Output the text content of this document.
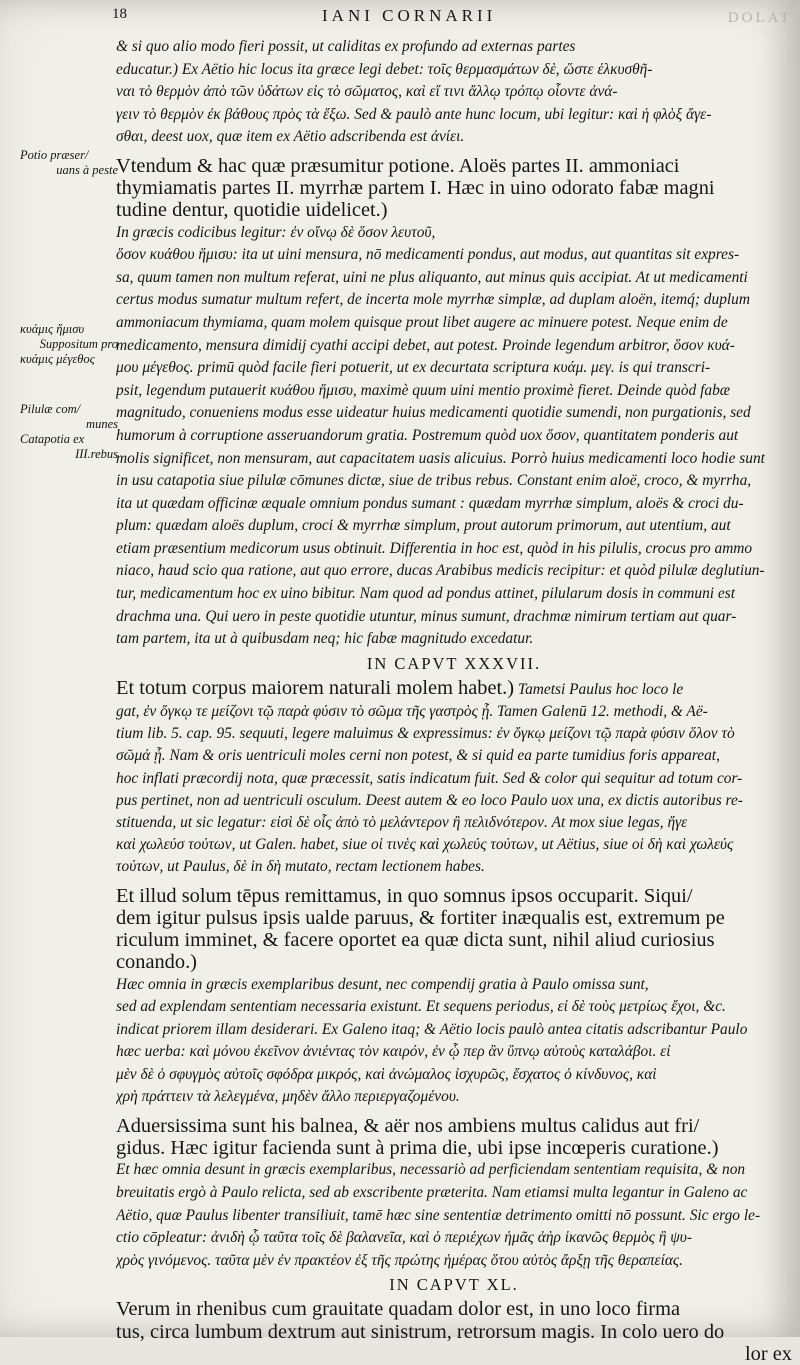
18	IANI CORNARII	DOLAT
Potio præser/
uans à peste
κυάμις ἥμισυ
Suppositum pro
κυάμις μέγεθος
Pilulæ com/
munes
Catapotia ex
III.rebus
& si quo alio modo fieri possit, ut caliditas ex profundo ad externas partes
educatur.) Ex Aëtio hic locus ita græce legi debet: τοῖς θερμασμάτων δὲ, ὥστε ἑλκυσθῆ-
ναι τὸ θερμὸν ἀπὸ τῶν ὑδάτων εἰς τὸ σῶματος, καὶ εἴ τινι ἄλλῳ τρόπῳ οἷοντε ἀνά-
γειν τὸ θερμὸν ἐκ βάθους πρὸς τὰ ἔξω. Sed & paulò ante hunc locum, ubi legitur: καὶ ἡ φλὸξ ἄγε-
σθαι, deest uox, quæ item ex Aëtio adscribenda est ἀνίει.
Vtendum & hac quæ præsumitur potione. Aloës partes II. ammoniaci
thymiamatis partes II. myrrhæ partem I. Hæc in uino odorato fabæ magni
tudine dentur, quotidie uidelicet.)
In græcis codicibus legitur: ἐν οἴνῳ δὲ ὅσον λευτοῦ,
ὅσον κυάθου ἥμισυ: ita ut uini mensura, nō medicamenti pondus, aut modus, aut quantitas sit expres-
sa, quum tamen non multum referat, uini ne plus aliquanto, aut minus quis accipiat. At ut medicamenti
certus modus sumatur multum refert, de incerta mole myrrhæ simplæ, ad duplam aloën, itemq́; duplum
ammoniacum thymiama, quam molem quisque prout libet augere ac minuere potest. Neque enim de
medicamento, mensura dimidij cyathi accipi debet, aut potest. Proinde legendum arbitror, ὅσον κυά-
μου μέγεθος. primū quòd facile fieri potuerit, ut ex decurtata scriptura κυάμ. μεγ. is qui transcri-
psit, legendum putauerit κυάθου ἥμισυ, maximè quum uini mentio proximè fieret. Deinde quòd fabæ
magnitudo, conueniens modus esse uideatur huius medicamenti quotidie sumendi, non purgationis, sed
humorum à corruptione asseruandorum gratia. Postremum quòd uox ὅσον, quantitatem ponderis aut
molis significet, non mensuram, aut capacitatem uasis alicuius. Porrò huius medicamenti loco hodie sunt
in usu catapotia siue pilulæ cōmunes dictæ, siue de tribus rebus. Constant enim aloë, croco, & myrrha,
ita ut quædam officinæ æquale omnium pondus sumant : quædam myrrhæ simplum, aloës & croci du-
plum: quædam aloës duplum, croci & myrrhæ simplum, prout autorum primorum, aut utentium, aut
etiam præsentium medicorum usus obtinuit. Differentia in hoc est, quòd in his pilulis, crocus pro ammo
niaco, haud scio qua ratione, aut quo errore, ducas Arabibus medicis recipitur: et quòd pilulæ deglutiun-
tur, medicamentum hoc ex uino bibitur. Nam quod ad pondus attinet, pilularum dosis in communi est
drachma una. Qui uero in peste quotidie utuntur, minus sumunt, drachmæ nimirum tertiam aut quar-
tam partem, ita ut à quibusdam neq; hic fabæ magnitudo excedatur.
IN CAPVT XXXVII.
Et totum corpus maiorem naturali molem habet.) Tametsi Paulus hoc loco le
gat, ἐν ὄγκῳ τε μείζονι τῷ παρὰ φύσιν τὸ σῶμα τῆς γαστρὸς ᾖ. Tamen Galenū 12. methodi, & Aë-
tium lib. 5. cap. 95. sequuti, legere maluimus & expressimus: ἐν ὄγκῳ μείζονι τῷ παρὰ φύσιν ὅλον τὸ
σῶμά ᾖ. Nam & oris uentriculi moles cerni non potest, & si quid ea parte tumidius foris appareat,
hoc inflati præcordij nota, quæ præcessit, satis indicatum fuit. Sed & color qui sequitur ad totum cor-
pus pertinet, non ad uentriculi osculum. Deest autem & eo loco Paulo uox una, ex dictis autoribus re-
stituenda, ut sic legatur: εἰσὶ δὲ οἷς ἀπὸ τὸ μελάντερον ἢ πελιδνότερον. At mox siue legas, ἤγε
καὶ χωλεύσ τούτων, ut Galen. habet, siue οἱ τινὲς καὶ χωλεύς τούτων, ut Aëtius, siue οἱ δὴ καὶ χωλεύς
τούτων, ut Paulus, δὲ in δὴ mutato, rectam lectionem habes.
Et illud solum tēpus remittamus, in quo somnus ipsos occuparit. Siqui/
dem igitur pulsus ipsis ualde paruus, & fortiter inæqualis est, extremum pe
riculum imminet, & facere oportet ea quæ dicta sunt, nihil aliud curiosius
conando.)
Hæc omnia in græcis exemplaribus desunt, nec compendij gratia à Paulo omissa sunt,
sed ad explendam sententiam necessaria existunt. Et sequens periodus, εἰ δὲ τοὺς μετρίως ἔχοι, &c.
indicat priorem illam desiderari. Ex Galeno itaq; & Aëtio locis paulò antea citatis adscribantur Paulo
hæc uerba: καὶ μόνου ἐκεῖνον ἀνιέντας τὸν καιρόν, ἐν ᾧ περ ἂν ὕπνῳ αὐτοὺς καταλάβοι. εἰ
μὲν δὲ ὁ σφυγμὸς αὐτοῖς σφόδρα μικρός, καὶ ἀνώμαλος ἰσχυρῶς, ἔσχατος ὁ κίνδυνος, καὶ
χρὴ πράττειν τὰ λελεγμένα, μηδὲν ἄλλο περιεργαζομένου.
Aduersissima sunt his balnea, & aër nos ambiens multus calidus aut fri/
gidus. Hæc igitur facienda sunt à prima die, ubi ipse incœperis curatione.)
Et hæc omnia desunt in græcis exemplaribus, necessariò ad perficiendam sententiam requisita, & non
breuitatis ergò à Paulo relicta, sed ab exscribente præterita. Nam etiamsi multa legantur in Galeno ac
Aëtio, quæ Paulus libenter transiliuit, tamē hæc sine sententiæ detrimento omitti nō possunt. Sic ergo le-
ctio cōpleatur: ἀνιδὴ ᾧ ταῦτα τοῖς δὲ βαλανεῖα, καὶ ὁ περιέχων ἡμᾶς ἀὴρ ἱκανῶς θερμὸς ἢ ψυ-
χρὸς γινόμενος. ταῦτα μὲν ἐν πρακτέον ἐξ τῆς πρώτης ἡμέρας ὅτου αὐτὸς ἄρξῃ τῆς θεραπείας.
IN CAPVT XL.
Verum in rhenibus cum grauitate quadam dolor est, in uno loco firma
tus, circa lumbum dextrum aut sinistrum, retrorsum magis. In colo uero do
lor ex
